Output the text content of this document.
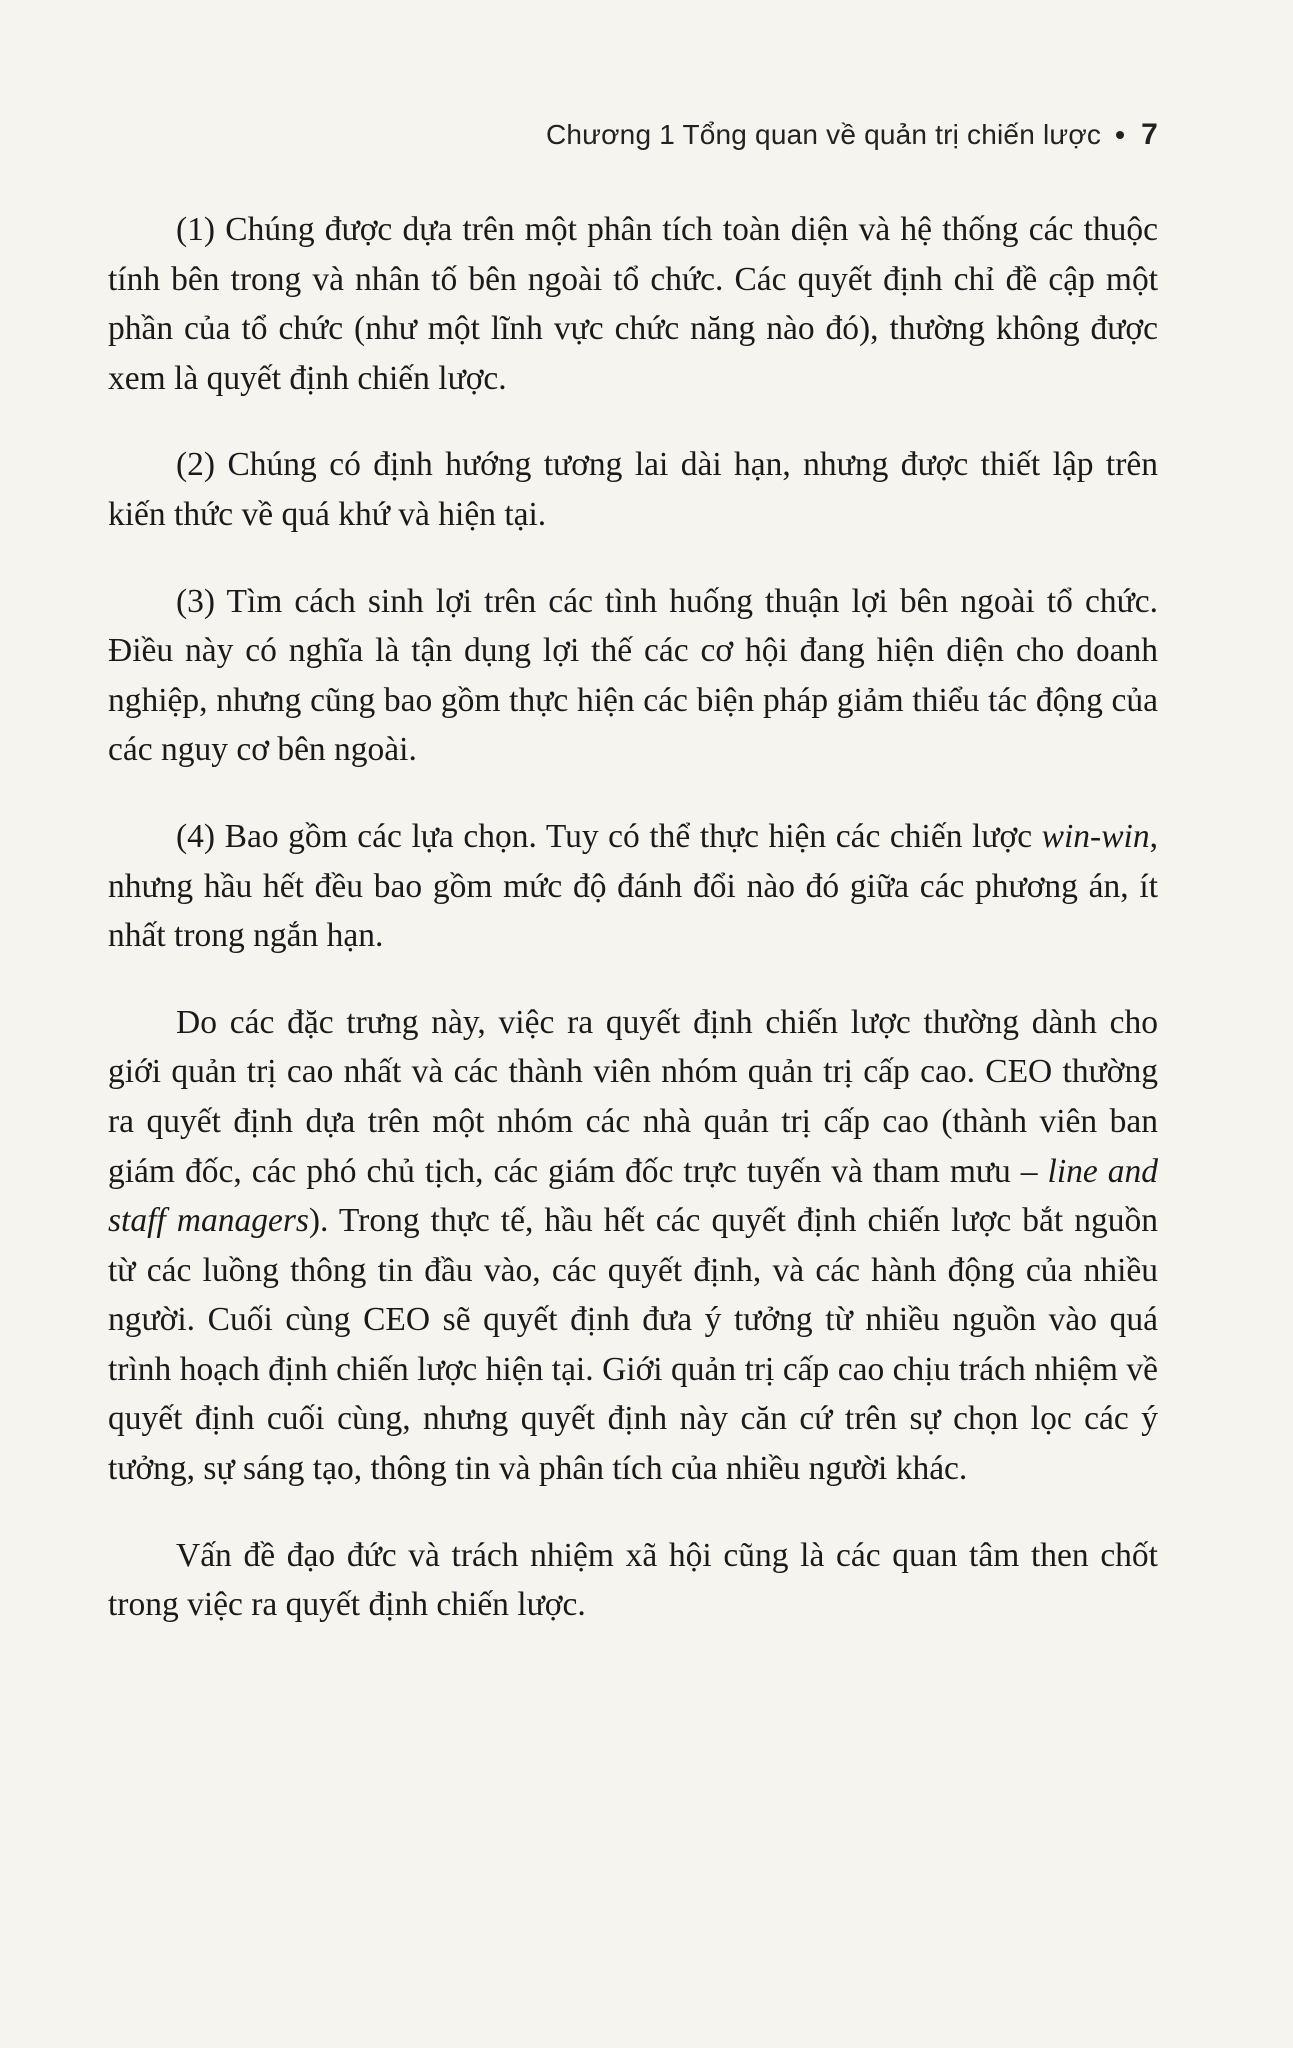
Chương 1 Tổng quan về quản trị chiến lược • 7

(1) Chúng được dựa trên một phân tích toàn diện và hệ thống các thuộc tính bên trong và nhân tố bên ngoài tổ chức. Các quyết định chỉ đề cập một phần của tổ chức (như một lĩnh vực chức năng nào đó), thường không được xem là quyết định chiến lược.

(2) Chúng có định hướng tương lai dài hạn, nhưng được thiết lập trên kiến thức về quá khứ và hiện tại.

(3) Tìm cách sinh lợi trên các tình huống thuận lợi bên ngoài tổ chức. Điều này có nghĩa là tận dụng lợi thế các cơ hội đang hiện diện cho doanh nghiệp, nhưng cũng bao gồm thực hiện các biện pháp giảm thiểu tác động của các nguy cơ bên ngoài.

(4) Bao gồm các lựa chọn. Tuy có thể thực hiện các chiến lược win-win, nhưng hầu hết đều bao gồm mức độ đánh đổi nào đó giữa các phương án, ít nhất trong ngắn hạn.

Do các đặc trưng này, việc ra quyết định chiến lược thường dành cho giới quản trị cao nhất và các thành viên nhóm quản trị cấp cao. CEO thường ra quyết định dựa trên một nhóm các nhà quản trị cấp cao (thành viên ban giám đốc, các phó chủ tịch, các giám đốc trực tuyến và tham mưu – line and staff managers). Trong thực tế, hầu hết các quyết định chiến lược bắt nguồn từ các luồng thông tin đầu vào, các quyết định, và các hành động của nhiều người. Cuối cùng CEO sẽ quyết định đưa ý tưởng từ nhiều nguồn vào quá trình hoạch định chiến lược hiện tại. Giới quản trị cấp cao chịu trách nhiệm về quyết định cuối cùng, nhưng quyết định này căn cứ trên sự chọn lọc các ý tưởng, sự sáng tạo, thông tin và phân tích của nhiều người khác.

Vấn đề đạo đức và trách nhiệm xã hội cũng là các quan tâm then chốt trong việc ra quyết định chiến lược.
